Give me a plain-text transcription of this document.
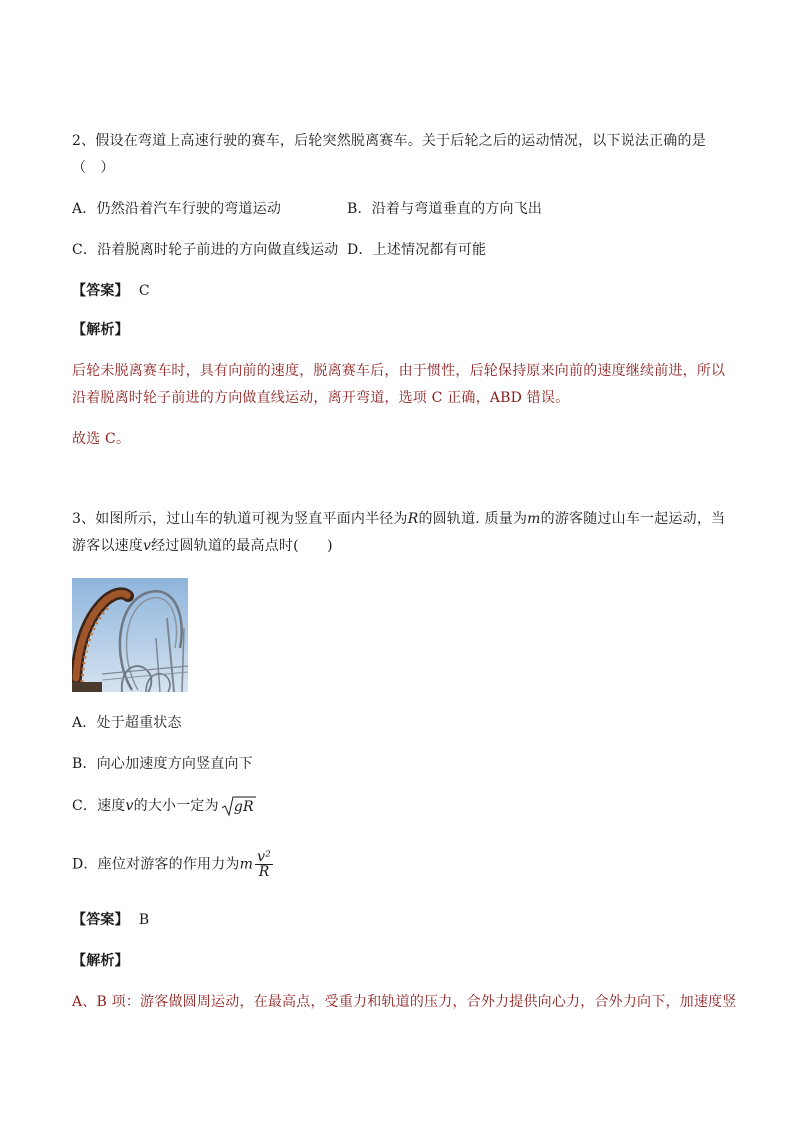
2、假设在弯道上高速行驶的赛车，后轮突然脱离赛车。关于后轮之后的运动情况，以下说法正确的是
（　）
A．仍然沿着汽车行驶的弯道运动	B．沿着与弯道垂直的方向飞出
C．沿着脱离时轮子前进的方向做直线运动 D．上述情况都有可能
【答案】 C
【解析】
后轮未脱离赛车时，具有向前的速度，脱离赛车后，由于惯性，后轮保持原来向前的速度继续前进，所以
沿着脱离时轮子前进的方向做直线运动，离开弯道，选项 C 正确，ABD 错误。
故选 C。
3、如图所示，过山车的轨道可视为竖直平面内半径为R的圆轨道. 质量为m的游客随过山车一起运动，当
游客以速度v经过圆轨道的最高点时(　　)
A．处于超重状态
B．向心加速度方向竖直向下
C．速度v的大小一定为 gR
D．座位对游客的作用力为m $\frac{\text{v²}}{R}$
【答案】 B
【解析】
A、B 项：游客做圆周运动，在最高点，受重力和轨道的压力，合外力提供向心力，合外力向下，加速度竖
